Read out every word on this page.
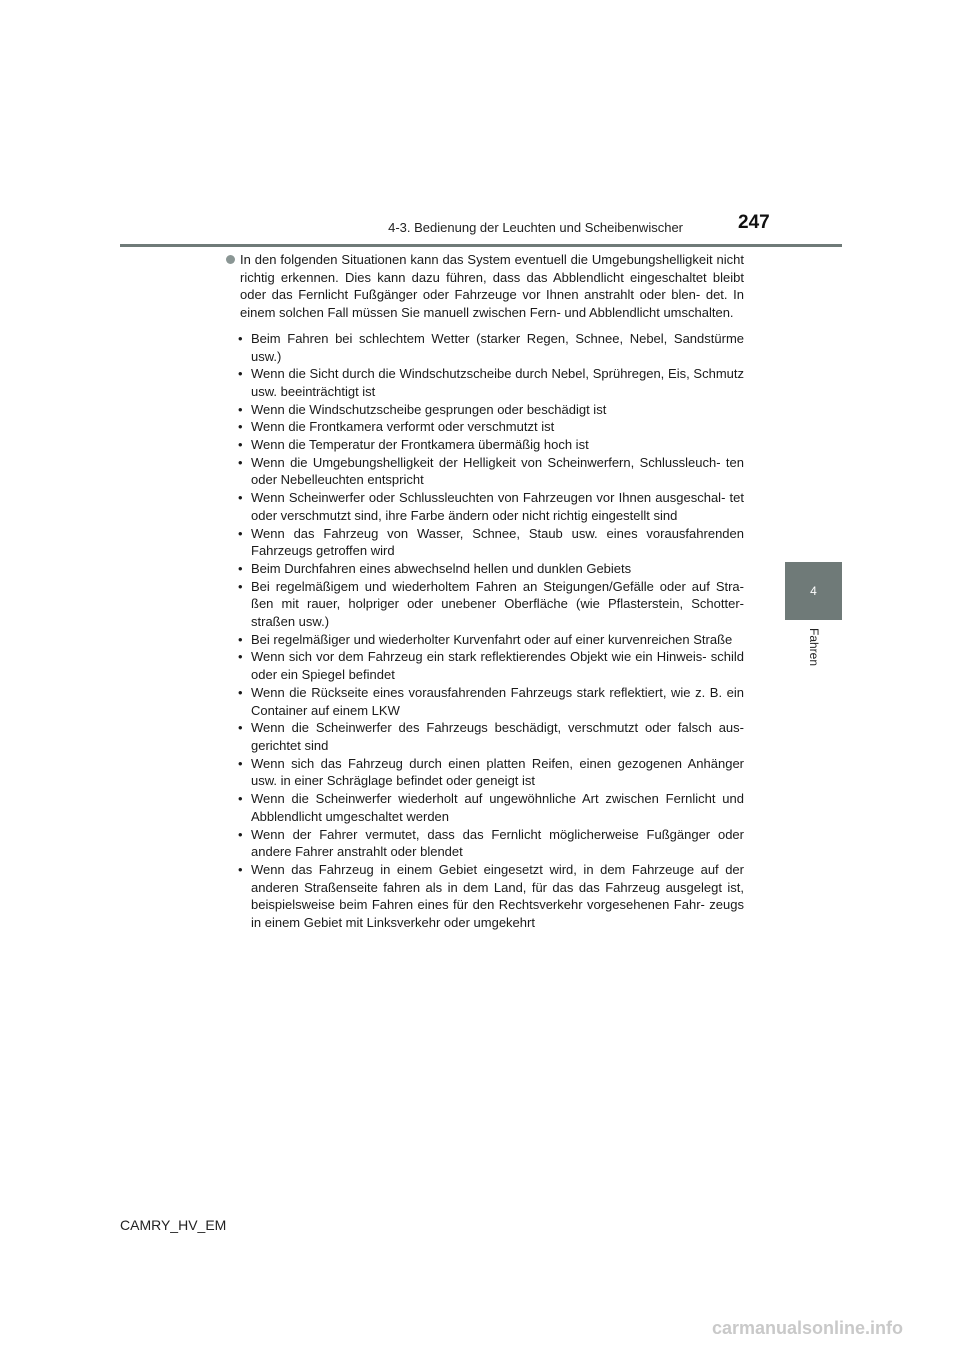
4-3. Bedienung der Leuchten und Scheibenwischer	247
4
Fahren

In den folgenden Situationen kann das System eventuell die Umgebungshelligkeit nicht richtig erkennen. Dies kann dazu führen, dass das Abblendlicht eingeschaltet bleibt oder das Fernlicht Fußgänger oder Fahrzeuge vor Ihnen anstrahlt oder blen- det. In einem solchen Fall müssen Sie manuell zwischen Fern- und Abblendlicht umschalten.

• Beim Fahren bei schlechtem Wetter (starker Regen, Schnee, Nebel, Sandstürme usw.)
• Wenn die Sicht durch die Windschutzscheibe durch Nebel, Sprühregen, Eis, Schmutz usw. beeinträchtigt ist
• Wenn die Windschutzscheibe gesprungen oder beschädigt ist
• Wenn die Frontkamera verformt oder verschmutzt ist
• Wenn die Temperatur der Frontkamera übermäßig hoch ist
• Wenn die Umgebungshelligkeit der Helligkeit von Scheinwerfern, Schlussleuch- ten oder Nebelleuchten entspricht
• Wenn Scheinwerfer oder Schlussleuchten von Fahrzeugen vor Ihnen ausgeschal- tet oder verschmutzt sind, ihre Farbe ändern oder nicht richtig eingestellt sind
• Wenn das Fahrzeug von Wasser, Schnee, Staub usw. eines vorausfahrenden Fahrzeugs getroffen wird
• Beim Durchfahren eines abwechselnd hellen und dunklen Gebiets
• Bei regelmäßigem und wiederholtem Fahren an Steigungen/Gefälle oder auf Stra- ßen mit rauer, holpriger oder unebener Oberfläche (wie Pflasterstein, Schotter- straßen usw.)
• Bei regelmäßiger und wiederholter Kurvenfahrt oder auf einer kurvenreichen Straße
• Wenn sich vor dem Fahrzeug ein stark reflektierendes Objekt wie ein Hinweis- schild oder ein Spiegel befindet
• Wenn die Rückseite eines vorausfahrenden Fahrzeugs stark reflektiert, wie z. B. ein Container auf einem LKW
• Wenn die Scheinwerfer des Fahrzeugs beschädigt, verschmutzt oder falsch aus- gerichtet sind
• Wenn sich das Fahrzeug durch einen platten Reifen, einen gezogenen Anhänger usw. in einer Schräglage befindet oder geneigt ist
• Wenn die Scheinwerfer wiederholt auf ungewöhnliche Art zwischen Fernlicht und Abblendlicht umgeschaltet werden
• Wenn der Fahrer vermutet, dass das Fernlicht möglicherweise Fußgänger oder andere Fahrer anstrahlt oder blendet
• Wenn das Fahrzeug in einem Gebiet eingesetzt wird, in dem Fahrzeuge auf der anderen Straßenseite fahren als in dem Land, für das das Fahrzeug ausgelegt ist, beispielsweise beim Fahren eines für den Rechtsverkehr vorgesehenen Fahr- zeugs in einem Gebiet mit Linksverkehr oder umgekehrt
CAMRY_HV_EM
carmanualsonline.info
